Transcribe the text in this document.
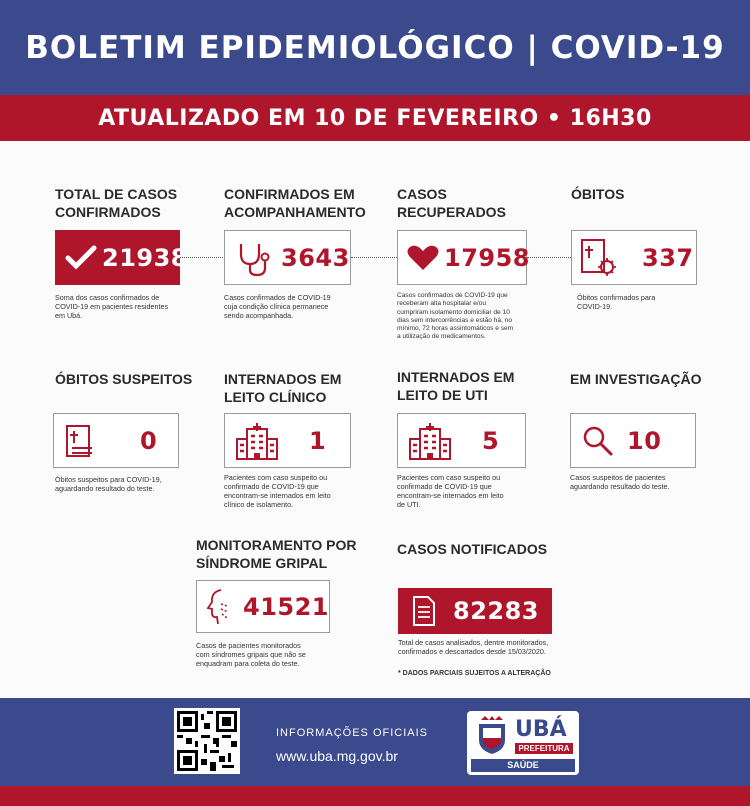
BOLETIM EPIDEMIOLÓGICO | COVID-19
ATUALIZADO EM 10 DE FEVEREIRO • 16H30
TOTAL DE CASOS
CONFIRMADOS
21938
Soma dos casos confirmados de
COVID-19 em pacientes residentes
em Ubá.
CONFIRMADOS EM
ACOMPANHAMENTO
3643
Casos confirmados de COVID-19
cuja condição clínica permanece
sendo acompanhada.
CASOS
RECUPERADOS
17958
Casos confirmados de COVID-19 que
receberam alta hospitalar e/ou
cumpriram isolamento domiciliar de 10
dias sem intercorrências e estão há, no
mínimo, 72 horas assintomáticos e sem
a utilização de medicamentos.
ÓBITOS
337
Óbitos confirmados para
COVID-19.
ÓBITOS SUSPEITOS
0
Óbitos suspeitos para COVID-19,
aguardando resultado do teste.
INTERNADOS EM
LEITO CLÍNICO
1
Pacientes com caso suspeito ou
confirmado de COVID-19 que
encontram-se internados em leito
clínico de isolamento.
INTERNADOS EM
LEITO DE UTI
5
Pacientes com caso suspeito ou
confirmado de COVID-19 que
encontram-se internados em leito
de UTI.
EM INVESTIGAÇÃO
10
Casos suspeitos de pacientes
aguardando resultado do teste.
MONITORAMENTO POR
SÍNDROME GRIPAL
41521
Casos de pacientes monitorados
com síndromes gripais que não se
enquadram para coleta do teste.
CASOS NOTIFICADOS
82283
Total de casos analisados, dentre monitorados,
confirmados e descartados desde 15/03/2020.
* DADOS PARCIAIS SUJEITOS A ALTERAÇÃO
INFORMAÇÕES OFICIAIS
www.uba.mg.gov.br
UBÁ
PREFEITURA
SAÚDE
